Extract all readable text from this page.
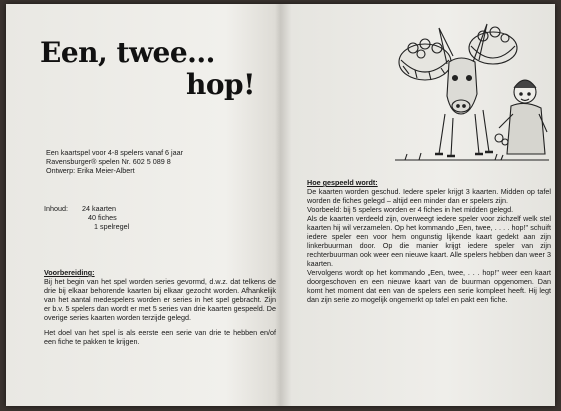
Een, twee...
hop!
Een kaartspel voor 4-8 spelers vanaf 6 jaar
Ravensburger® spelen Nr. 602 5 089 8
Ontwerp: Erika Meier-Albert
Inhoud:	24 kaarten
40 fiches
1 spelregel
Voorbereiding:

Bij het begin van het spel worden series gevormd, d.w.z. dat telkens de drie bij elkaar behorende kaarten bij elkaar gezocht worden. Afhankelijk van het aantal medespelers worden er series in het spel gebracht. Zijn er b.v. 5 spelers dan wordt er met 5 series van drie kaarten gespeeld. De overige series kaarten worden terzijde gelegd.

Het doel van het spel is als eerste een serie van drie te hebben en/of een fiche te pakken te krijgen.

Hoe gespeeld wordt:

De kaarten worden geschud. Iedere speler krijgt 3 kaarten. Midden op tafel worden de fiches gelegd – altijd een minder dan er spelers zijn.

Voorbeeld: bij 5 spelers worden er 4 fiches in het midden gelegd.

Als de kaarten verdeeld zijn, overweegt iedere speler voor zichzelf welk stel kaarten hij wil verzamelen. Op het kommando „Een, twee, . . . . hop!" schuift iedere speler een voor hem ongunstig lijkende kaart gedekt aan zijn linkerbuurman door. Op die manier krijgt iedere speler van zijn rechterbuurman ook weer een nieuwe kaart. Alle spelers hebben dan weer 3 kaarten.

Vervolgens wordt op het kommando „Een, twee, . . . hop!" weer een kaart doorgeschoven en een nieuwe kaart van de buurman opgenomen. Dan komt het moment dat een van de spelers een serie kompleet heeft. Hij legt dan zijn serie zo mogelijk ongemerkt op tafel en pakt een fiche.
